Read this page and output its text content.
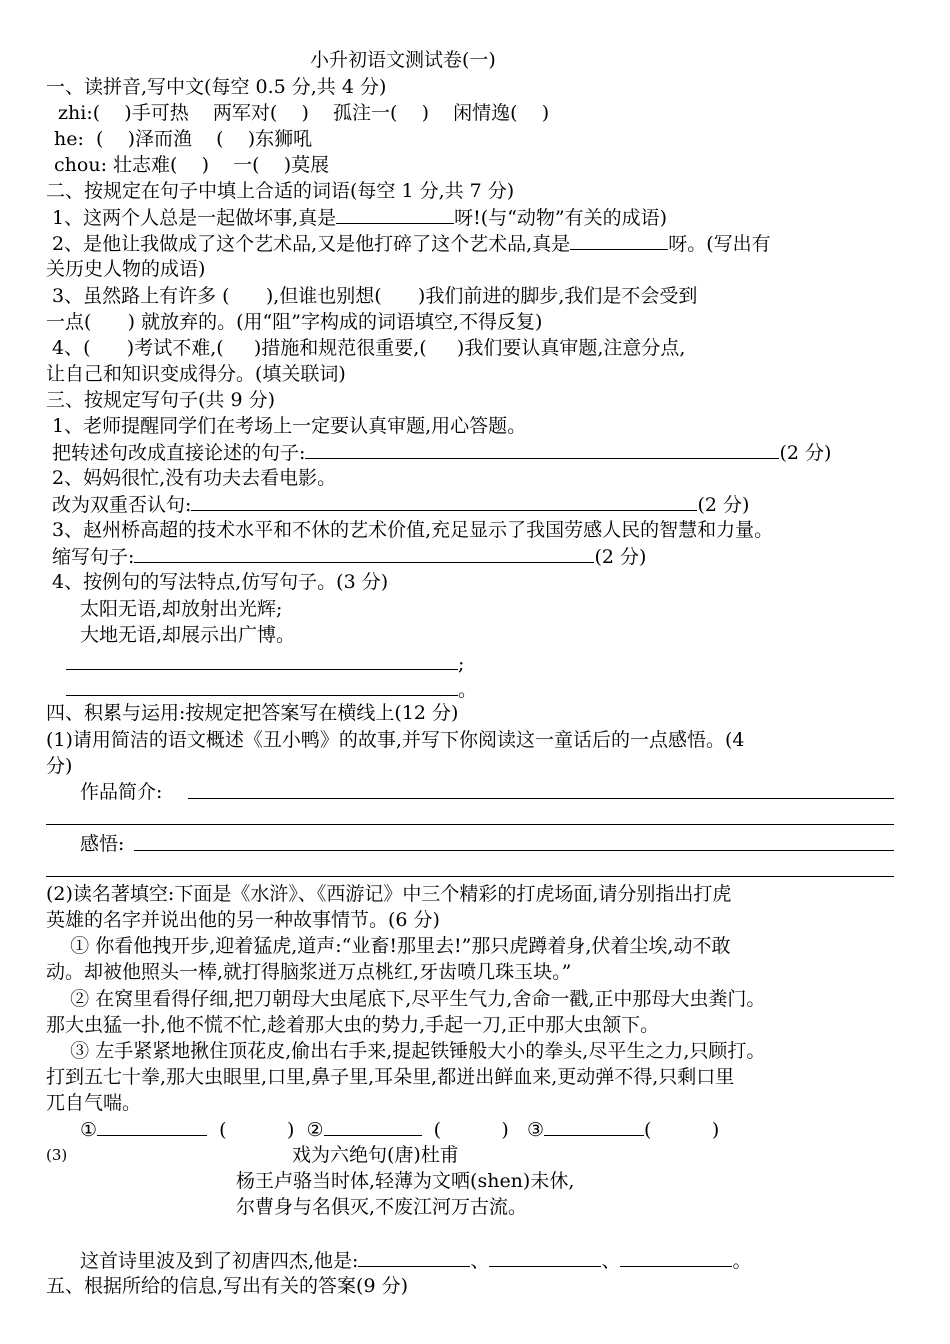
小升初语文测试卷(一)
一、读拼音,写中文(每空 0.5 分,共 4 分)
zhi:(    )手可热    两军对(    )    孤注一(    )    闲情逸(    )
he:  (    )泽而渔    (    )东狮吼
chou: 壮志难(    )    一(    )莫展
二、按规定在句子中填上合适的词语(每空 1 分,共 7 分)
1、这两个人总是一起做坏事,真是	呀!(与“动物”有关的成语)
2、是他让我做成了这个艺术品,又是他打碎了这个艺术品,真是	呀。(写出有
关历史人物的成语)
3、虽然路上有许多 (      ),但谁也别想(      )我们前进的脚步,我们是不会受到
一点(      ) 就放弃的。(用“阻”字构成的词语填空,不得反复)
4、(      )考试不难,(     )措施和规范很重要,(     )我们要认真审题,注意分点,
让自己和知识变成得分。(填关联词)
三、按规定写句子(共 9 分)
1、老师提醒同学们在考场上一定要认真审题,用心答题。
把转述句改成直接论述的句子:	(2 分)
2、妈妈很忙,没有功夫去看电影。
改为双重否认句:	(2 分)
3、赵州桥高超的技术水平和不休的艺术价值,充足显示了我国劳感人民的智慧和力量。
缩写句子:	(2 分)
4、按例句的写法特点,仿写句子。(3 分)
太阳无语,却放射出光辉;
大地无语,却展示出广博。
;
。
四、积累与运用:按规定把答案写在横线上(12 分)
(1)请用简洁的语文概述《丑小鸭》的故事,并写下你阅读这一童话后的一点感悟。(4
分)
作品简介:
感悟:
(2)读名著填空:下面是《水浒》、《西游记》中三个精彩的打虎场面,请分别指出打虎
英雄的名字并说出他的另一种故事情节。(6 分)
① 你看他拽开步,迎着猛虎,道声:“业畜!那里去!”那只虎蹲着身,伏着尘埃,动不敢
动。却被他照头一棒,就打得脑浆迸万点桃红,牙齿喷几珠玉块。”
② 在窝里看得仔细,把刀朝母大虫尾底下,尽平生气力,舍命一戳,正中那母大虫粪门。
那大虫猛一扑,他不慌不忙,趁着那大虫的势力,手起一刀,正中那大虫颔下。
③ 左手紧紧地揪住顶花皮,偷出右手来,提起铁锤般大小的拳头,尽平生之力,只顾打。
打到五七十拳,那大虫眼里,口里,鼻子里,耳朵里,都迸出鲜血来,更动弹不得,只剩口里
兀自气喘。
①	(          ) ②	(          ) ③	(          )
(3)	戏为六绝句(唐)杜甫
杨王卢骆当时体,轻薄为文哂(shen)未休,
尔曹身与名俱灭,不废江河万古流。
这首诗里波及到了初唐四杰,他是:	、	、	。
五、根据所给的信息,写出有关的答案(9 分)
